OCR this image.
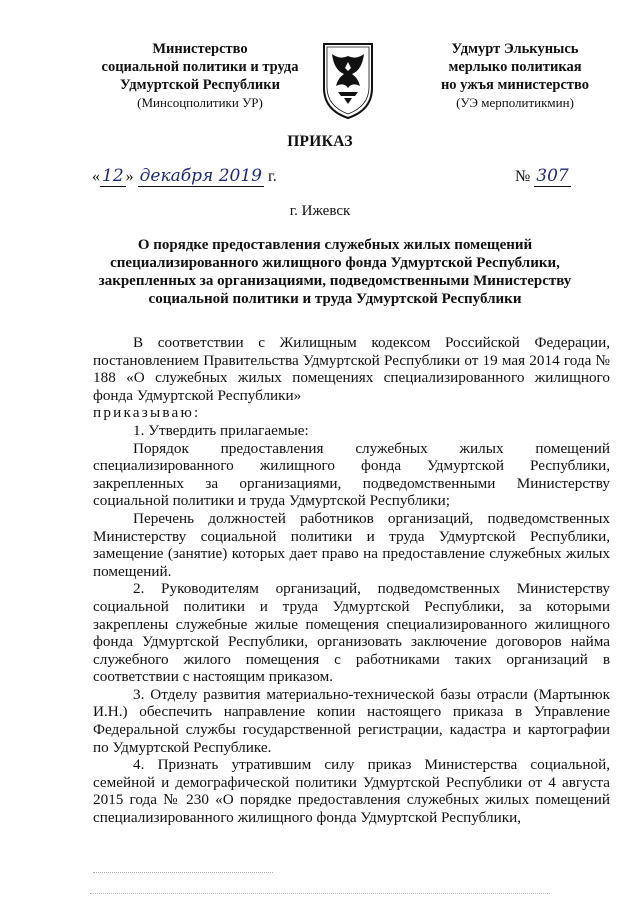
Министерство
социальной политики и труда
Удмуртской Республики
(Минсоцполитики УР)
Удмурт Элькунысь
мерлыко политикая
но ужъя министерство
(УЭ мерполитикмин)
ПРИКАЗ
« 12 » декабря 2019 г.	№ 307
г. Ижевск
О порядке предоставления служебных жилых помещений специализированного жилищного фонда Удмуртской Республики, закрепленных за организациями, подведомственными Министерству социальной политики и труда Удмуртской Республики

В соответствии с Жилищным кодексом Российской Федерации, постановлением Правительства Удмуртской Республики от 19 мая 2014 года № 188 «О служебных жилых помещениях специализированного жилищного фонда Удмуртской Республики»

приказываю:

1. Утвердить прилагаемые:

Порядок предоставления служебных жилых помещений специализированного жилищного фонда Удмуртской Республики, закрепленных за организациями, подведомственными Министерству социальной политики и труда Удмуртской Республики;

Перечень должностей работников организаций, подведомственных Министерству социальной политики и труда Удмуртской Республики, замещение (занятие) которых дает право на предоставление служебных жилых помещений.

2. Руководителям организаций, подведомственных Министерству социальной политики и труда Удмуртской Республики, за которыми закреплены служебные жилые помещения специализированного жилищного фонда Удмуртской Республики, организовать заключение договоров найма служебного жилого помещения с работниками таких организаций в соответствии с настоящим приказом.

3. Отделу развития материально-технической базы отрасли (Мартынюк И.Н.) обеспечить направление копии настоящего приказа в Управление Федеральной службы государственной регистрации, кадастра и картографии по Удмуртской Республике.

4. Признать утратившим силу приказ Министерства социальной, семейной и демографической политики Удмуртской Республики от 4 августа 2015 года № 230 «О порядке предоставления служебных жилых помещений специализированного жилищного фонда Удмуртской Республики,
